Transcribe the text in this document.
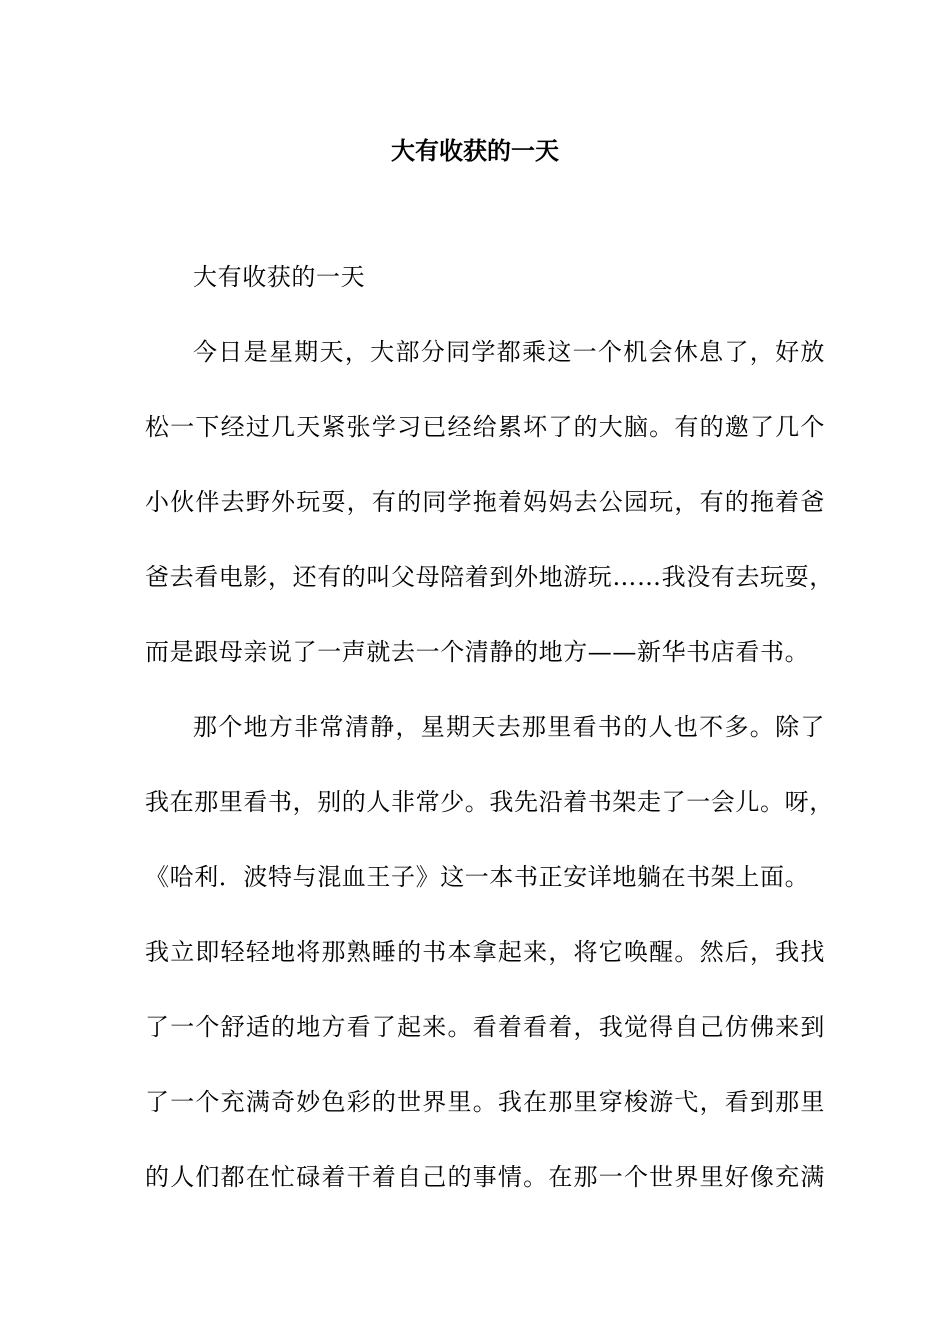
大有收获的一天
大有收获的一天
今日是星期天，大部分同学都乘这一个机会休息了，好放
松一下经过几天紧张学习已经给累坏了的大脑。有的邀了几个
小伙伴去野外玩耍，有的同学拖着妈妈去公园玩，有的拖着爸
爸去看电影，还有的叫父母陪着到外地游玩……我没有去玩耍，
而是跟母亲说了一声就去一个清静的地方——新华书店看书。
那个地方非常清静，星期天去那里看书的人也不多。除了
我在那里看书，别的人非常少。我先沿着书架走了一会儿。呀，
《哈利．波特与混血王子》这一本书正安详地躺在书架上面。
我立即轻轻地将那熟睡的书本拿起来，将它唤醒。然后，我找
了一个舒适的地方看了起来。看着看着，我觉得自己仿佛来到
了一个充满奇妙色彩的世界里。我在那里穿梭游弋，看到那里
的人们都在忙碌着干着自己的事情。在那一个世界里好像充满
